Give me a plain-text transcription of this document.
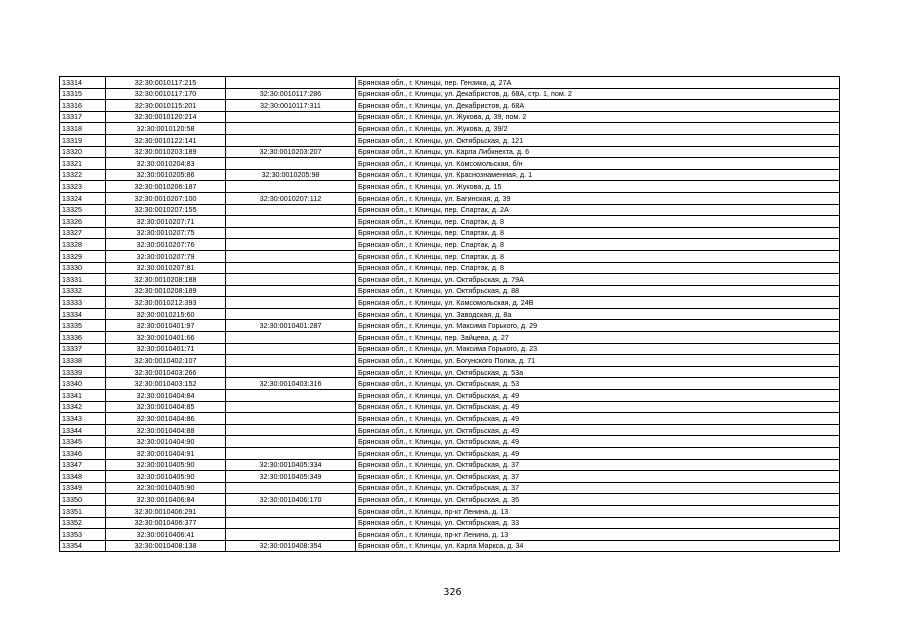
13314	32:30:0010117:215		Брянская обл., г. Клинцы, пер. Гензика, д. 27А
13315	32:30:0010117:170	32:30:0010117:286	Брянская обл., г. Клинцы, ул. Декабристов, д. 68А, стр. 1, пом. 2
13316	32:30:0010115:201	32:30:0010117:311	Брянская обл., г. Клинцы, ул. Декабристов, д. 68А
13317	32:30:0010120:214		Брянская обл., г. Клинцы, ул. Жукова, д. 39, пом. 2
13318	32:30:0010120:58		Брянская обл., г. Клинцы, ул. Жукова, д. 39/2
13319	32:30:0010122:141		Брянская обл., г. Клинцы, ул. Октябрьская, д. 121
13320	32:30:0010203:189	32:30:0010203:207	Брянская обл., г. Клинцы, ул. Карла Либкнехта, д. 6
13321	32:30:0010204:83		Брянская обл., г. Клинцы, ул. Комсомольская, б/н
13322	32:30:0010205:86	32:30:0010205:98	Брянская обл., г. Клинцы, ул. Краснознаменная, д. 1
13323	32:30:0010206:187		Брянская обл., г. Клинцы, ул. Жукова, д. 15
13324	32:30:0010207:100	32:30:0010207:112	Брянская обл., г. Клинцы, ул. Багинская, д. 39
13325	32:30:0010207:155		Брянская обл., г. Клинцы, пер. Спартак, д. 2А
13326	32:30:0010207:71		Брянская обл., г. Клинцы, пер. Спартак, д. 8
13327	32:30:0010207:75		Брянская обл., г. Клинцы, пер. Спартак, д. 8
13328	32:30:0010207:76		Брянская обл., г. Клинцы, пер. Спартак, д. 8
13329	32:30:0010207:79		Брянская обл., г. Клинцы, пер. Спартак, д. 8
13330	32:30:0010207:81		Брянская обл., г. Клинцы, пер. Спартак, д. 8
13331	32:30:0010208:188		Брянская обл., г. Клинцы, ул. Октябрьская, д. 79А
13332	32:30:0010208:189		Брянская обл., г. Клинцы, ул. Октябрьская, д. 88
13333	32:30:0010212:393		Брянская обл., г. Клинцы, ул. Комсомольская, д. 24В
13334	32:30:0010215:60		Брянская обл., г. Клинцы, ул. Заводская, д. 8а
13335	32:30:0010401:97	32:30:0010401:287	Брянская обл., г. Клинцы, ул. Максима Горького, д. 29
13336	32:30:0010401:66		Брянская обл., г. Клинцы, пер. Зайцева, д. 27
13337	32:30:0010401:71		Брянская обл., г. Клинцы, ул. Максима Горького, д. 23
13338	32:30:0010402:107		Брянская обл., г. Клинцы, ул. Богунского Полка, д. 71
13339	32:30:0010403:266		Брянская обл., г. Клинцы, ул. Октябрьская, д. 53а
13340	32:30:0010403:152	32:30:0010403:316	Брянская обл., г. Клинцы, ул. Октябрьская, д. 53
13341	32:30:0010404:84		Брянская обл., г. Клинцы, ул. Октябрьская, д. 49
13342	32:30:0010404:85		Брянская обл., г. Клинцы, ул. Октябрьская, д. 49
13343	32:30:0010404:86		Брянская обл., г. Клинцы, ул. Октябрьская, д. 49
13344	32:30:0010404:88		Брянская обл., г. Клинцы, ул. Октябрьская, д. 49
13345	32:30:0010404:90		Брянская обл., г. Клинцы, ул. Октябрьская, д. 49
13346	32:30:0010404:91		Брянская обл., г. Клинцы, ул. Октябрьская, д. 49
13347	32:30:0010405:90	32:30:0010405:334	Брянская обл., г. Клинцы, ул. Октябрьская, д. 37
13348	32:30:0010405:90	32:30:0010405:349	Брянская обл., г. Клинцы, ул. Октябрьская, д. 37
13349	32:30:0010405:90		Брянская обл., г. Клинцы, ул. Октябрьская, д. 37
13350	32:30:0010406:84	32:30:0010406:170	Брянская обл., г. Клинцы, ул. Октябрьская, д. 35
13351	32:30:0010406:291		Брянская обл., г. Клинцы, пр-кт Ленина, д. 13
13352	32:30:0010406:377		Брянская обл., г. Клинцы, ул. Октябрьская, д. 33
13353	32:30:0010406:41		Брянская обл., г. Клинцы, пр-кт Ленина, д. 13
13354	32:30:0010408:138	32:30:0010408:354	Брянская обл., г. Клинцы, ул. Карла Маркса, д. 34
326
